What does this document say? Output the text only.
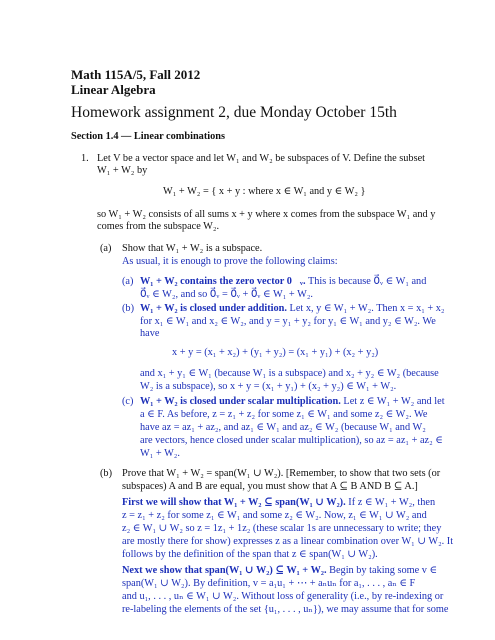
Math 115A/5, Fall 2012
Linear Algebra
Homework assignment 2, due Monday October 15th
Section 1.4 — Linear combinations
1. Let V be a vector space and let W₁ and W₂ be subspaces of V. Define the subset
W₁ + W₂ by
W₁ + W₂ = { x + y : where x ∈ W₁ and y ∈ W₂ }
so W₁ + W₂ consists of all sums x + y where x comes from the subspace W₁ and y
comes from the subspace W₂.
(a) Show that W₁ + W₂ is a subspace.
As usual, it is enough to prove the following claims:
(a) W₁ + W₂ contains the zero vector 0⃗ᵥ. This is because 0⃗ᵥ ∈ W₁ and
0⃗ᵥ ∈ W₂, and so 0⃗ᵥ = 0⃗ᵥ + 0⃗ᵥ ∈ W₁ + W₂.
(b) W₁ + W₂ is closed under addition. Let x, y ∈ W₁ + W₂. Then x = x₁ + x₂
for x₁ ∈ W₁ and x₂ ∈ W₂, and y = y₁ + y₂ for y₁ ∈ W₁ and y₂ ∈ W₂. We
have
x + y = (x₁ + x₂) + (y₁ + y₂) = (x₁ + y₁) + (x₂ + y₂)
and x₁ + y₁ ∈ W₁ (because W₁ is a subspace) and x₂ + y₂ ∈ W₂ (because
W₂ is a subspace), so x + y = (x₁ + y₁) + (x₂ + y₂) ∈ W₁ + W₂.
(c) W₁ + W₂ is closed under scalar multiplication. Let z ∈ W₁ + W₂ and let
a ∈ F. As before, z = z₁ + z₂ for some z₁ ∈ W₁ and some z₂ ∈ W₂. We
have az = az₁ + az₂, and az₁ ∈ W₁ and az₂ ∈ W₂ (because W₁ and W₂
are vectors, hence closed under scalar multiplication), so az = az₁ + az₂ ∈
W₁ + W₂.
(b) Prove that W₁ + W₂ = span(W₁ ∪ W₂). [Remember, to show that two sets (or
subspaces) A and B are equal, you must show that A ⊆ B AND B ⊆ A.]
First we will show that W₁ + W₂ ⊆ span(W₁ ∪ W₂). If z ∈ W₁ + W₂, then
z = z₁ + z₂ for some z₁ ∈ W₁ and some z₂ ∈ W₂. Now, z₁ ∈ W₁ ∪ W₂ and
z₂ ∈ W₁ ∪ W₂ so z = 1z₁ + 1z₂ (these scalar 1s are unnecessary to write; they
are mostly there for show) expresses z as a linear combination over W₁ ∪ W₂. It
follows by the definition of the span that z ∈ span(W₁ ∪ W₂).
Next we show that span(W₁ ∪ W₂) ⊆ W₁ + W₂. Begin by taking some v ∈
span(W₁ ∪ W₂). By definition, v = a₁u₁ + ⋯ + aₙuₙ for a₁, . . . , aₙ ∈ F
and u₁, . . . , uₙ ∈ W₁ ∪ W₂. Without loss of generality (i.e., by re-indexing or
re-labeling the elements of the set {u₁, . . . , uₙ}), we may assume that for some
